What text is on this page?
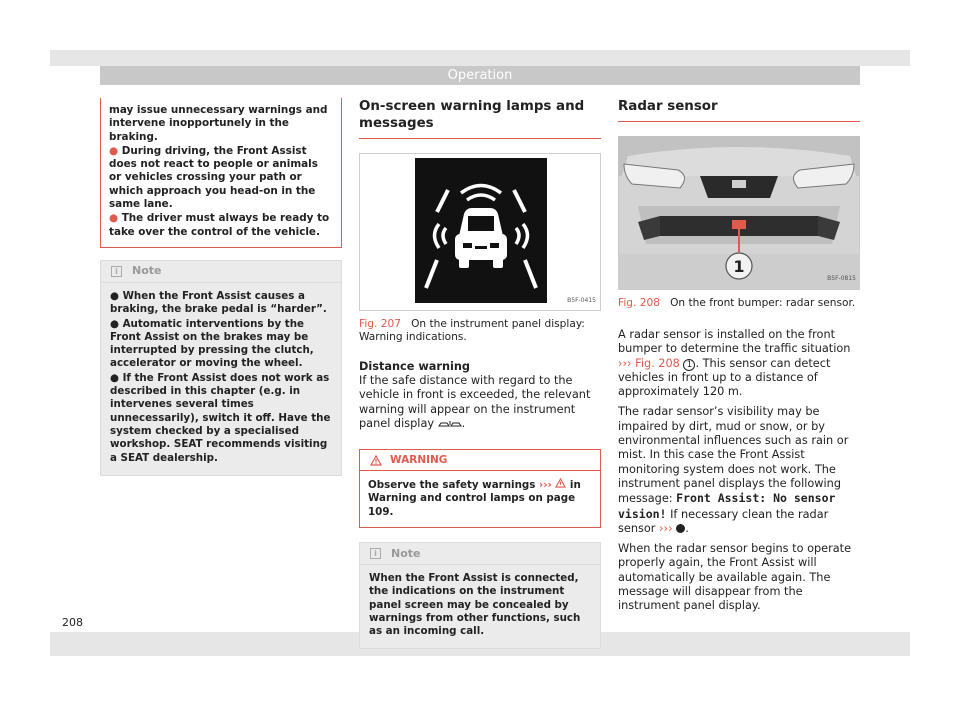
Operation
208

may issue unnecessary warnings and intervene inopportunely in the braking.

● During driving, the Front Assist does not react to people or animals or vehicles crossing your path or which approach you head-on in the same lane.

● The driver must always be ready to take over the control of the vehicle.

i	Note

● When the Front Assist causes a braking, the brake pedal is “harder”.

● Automatic interventions by the Front Assist on the brakes may be interrupted by pressing the clutch, accelerator or moving the wheel.

● If the Front Assist does not work as described in this chapter (e.g. in intervenes several times unnecessarily), switch it off. Have the system checked by a specialised workshop. SEAT recommends visiting a SEAT dealership.

On-screen warning lamps and messages
B5F-0415
Fig. 207 On the instrument panel display: Warning indications.
Distance warning
If the safe distance with regard to the vehicle in front is exceeded, the relevant warning will appear on the instrument panel display .
WARNING
Observe the safety warnings ››› in Warning and control lamps on page 109.
i	Note
When the Front Assist is connected, the indications on the instrument panel screen may be concealed by warnings from other functions, such as an incoming call.
Radar sensor
1
B5F-0815
Fig. 208 On the front bumper: radar sensor.
A radar sensor is installed on the front bumper to determine the traffic situation ››› Fig. 208 1 . This sensor can detect vehicles in front up to a distance of approximately 120 m.
The radar sensor’s visibility may be impaired by dirt, mud or snow, or by environmental influences such as rain or mist. In this case the Front Assist monitoring system does not work. The instrument panel displays the following message: Front Assist: No sensor vision! If necessary clean the radar sensor ››› .
When the radar sensor begins to operate properly again, the Front Assist will automatically be available again. The message will disappear from the instrument panel display.
